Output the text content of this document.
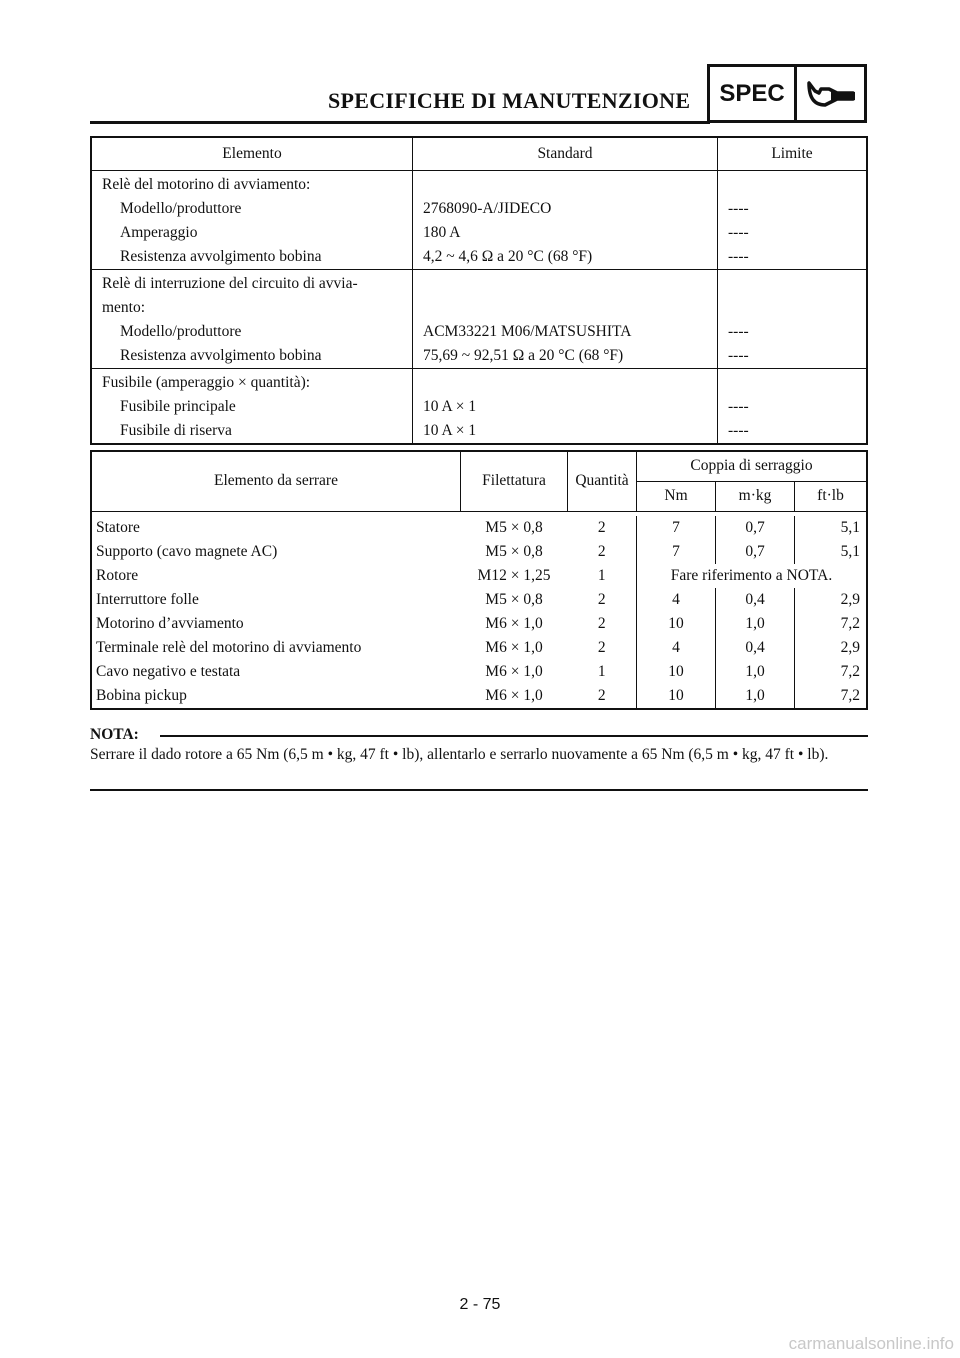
SPECIFICHE DI MANUTENZIONE	SPEC
Elemento	Standard	Limite
Relè del motorino di avviamento:		
Modello/produttore	2768090-A/JIDECO	----
Amperaggio	180 A	----
Resistenza avvolgimento bobina	4,2 ~ 4,6 Ω a 20 °C (68 °F)	----
Relè di interruzione del circuito di avvia-		
mento:		
Modello/produttore	ACM33221 M06/MATSUSHITA	----
Resistenza avvolgimento bobina	75,69 ~ 92,51 Ω a 20 °C (68 °F)	----
Fusibile (amperaggio × quantità):		
Fusibile principale	10 A × 1	----
Fusibile di riserva	10 A × 1	----
Elemento da serrare	Filettatura	Quantità	Coppia di serraggio		
			Nm	m·kg	ft·lb

Statore	M5 × 0,8	2	7	0,7	5,1
Supporto (cavo magnete AC)	M5 × 0,8	2	7	0,7	5,1
Rotore	M12 × 1,25	1	Fare riferimento a NOTA.		
Interruttore folle	M5 × 0,8	2	4	0,4	2,9
Motorino d’avviamento	M6 × 1,0	2	10	1,0	7,2
Terminale relè del motorino di avviamento	M6 × 1,0	2	4	0,4	2,9
Cavo negativo e testata	M6 × 1,0	1	10	1,0	7,2
Bobina pickup	M6 × 1,0	2	10	1,0	7,2
NOTA:
Serrare il dado rotore a 65 Nm (6,5 m • kg, 47 ft • lb), allentarlo e serrarlo nuovamente a 65 Nm (6,5 m • kg, 47 ft • lb).
2 - 75
carmanualsonline.info
